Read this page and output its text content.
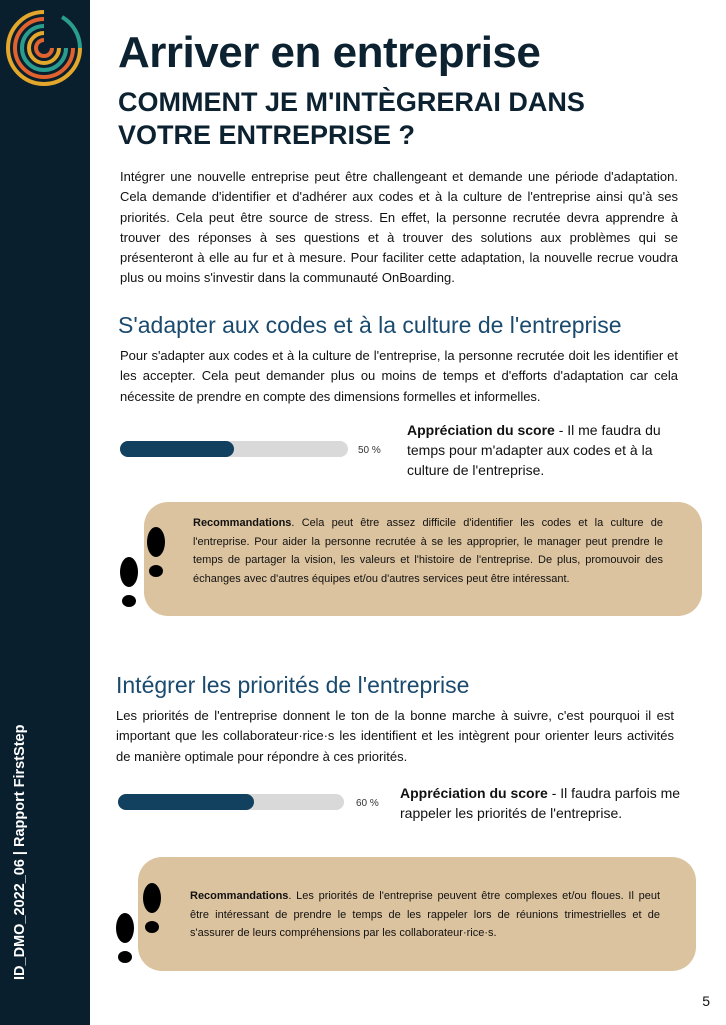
ID_DMO_2022_06 | Rapport FirstStep
Arriver en entreprise
COMMENT JE M'INTÈGRERAI DANS VOTRE ENTREPRISE ?
Intégrer une nouvelle entreprise peut être challengeant et demande une période d'adaptation. Cela demande d'identifier et d'adhérer aux codes et à la culture de l'entreprise ainsi qu'à ses priorités. Cela peut être source de stress. En effet, la personne recrutée devra apprendre à trouver des réponses à ses questions et à trouver des solutions aux problèmes qui se présenteront à elle au fur et à mesure. Pour faciliter cette adaptation, la nouvelle recrue voudra plus ou moins s'investir dans la communauté OnBoarding.
S'adapter aux codes et à la culture de l'entreprise
Pour s'adapter aux codes et à la culture de l'entreprise, la personne recrutée doit les identifier et les accepter. Cela peut demander plus ou moins de temps et d'efforts d'adaptation car cela nécessite de prendre en compte des dimensions formelles et informelles.
50 %
Appréciation du score - Il me faudra du temps pour m'adapter aux codes et à la culture de l'entreprise.
Recommandations. Cela peut être assez difficile d'identifier les codes et la culture de l'entreprise. Pour aider la personne recrutée à se les approprier, le manager peut prendre le temps de partager la vision, les valeurs et l'histoire de l'entreprise. De plus, promouvoir des échanges avec d'autres équipes et/ou d'autres services peut être intéressant.
Intégrer les priorités de l'entreprise
Les priorités de l'entreprise donnent le ton de la bonne marche à suivre, c'est pourquoi il est important que les collaborateur·rice·s les identifient et les intègrent pour orienter leurs activités de manière optimale pour répondre à ces priorités.
60 %
Appréciation du score - Il faudra parfois me rappeler les priorités de l'entreprise.
Recommandations. Les priorités de l'entreprise peuvent être complexes et/ou floues. Il peut être intéressant de prendre le temps de les rappeler lors de réunions trimestrielles et de s'assurer de leurs compréhensions par les collaborateur·rice·s.
5
